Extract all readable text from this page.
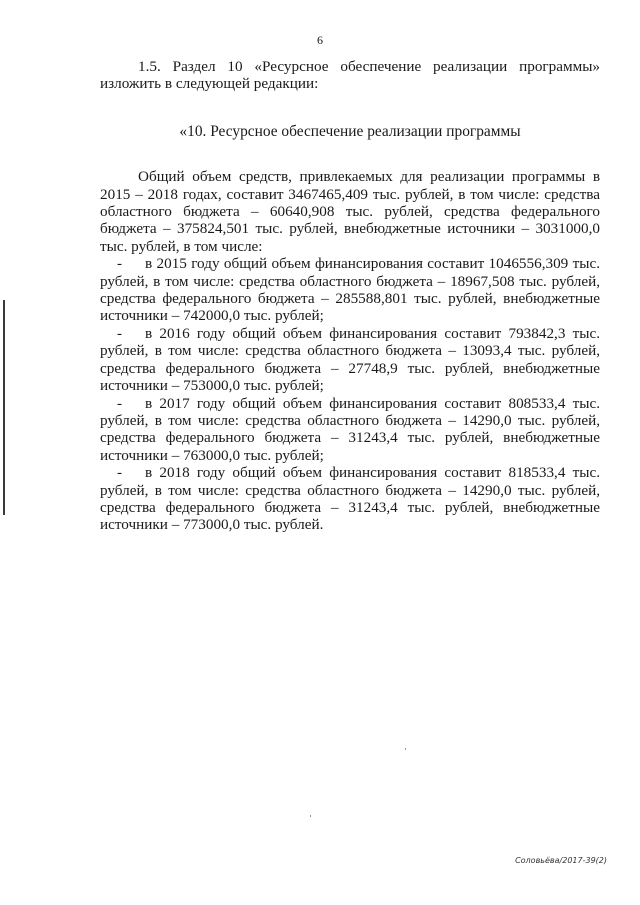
6

1.5. Раздел 10 «Ресурсное обеспечение реализации программы» изложить в следующей редакции:

«10. Ресурсное обеспечение реализации программы

Общий объем средств, привлекаемых для реализации программы в 2015 – 2018 годах, составит 3467465,409 тыс. рублей, в том числе: средства областного бюджета – 60640,908 тыс. рублей, средства федерального бюджета – 375824,501 тыс. рублей, внебюджетные источники – 3031000,0 тыс. рублей, в том числе:

- в 2015 году общий объем финансирования составит 1046556,309 тыс. рублей, в том числе: средства областного бюджета – 18967,508 тыс. рублей, средства федерального бюджета – 285588,801 тыс. рублей, внебюджетные источники – 742000,0 тыс. рублей;

- в 2016 году общий объем финансирования составит 793842,3 тыс. рублей, в том числе: средства областного бюджета – 13093,4 тыс. рублей, средства федерального бюджета – 27748,9 тыс. рублей, внебюджетные источники – 753000,0 тыс. рублей;

- в 2017 году общий объем финансирования составит 808533,4 тыс. рублей, в том числе: средства областного бюджета – 14290,0 тыс. рублей, средства федерального бюджета – 31243,4 тыс. рублей, внебюджетные источники – 763000,0 тыс. рублей;

- в 2018 году общий объем финансирования составит 818533,4 тыс. рублей, в том числе: средства областного бюджета – 14290,0 тыс. рублей, средства федерального бюджета – 31243,4 тыс. рублей, внебюджетные источники – 773000,0 тыс. рублей.

Соловьёва/2017-39(2)
